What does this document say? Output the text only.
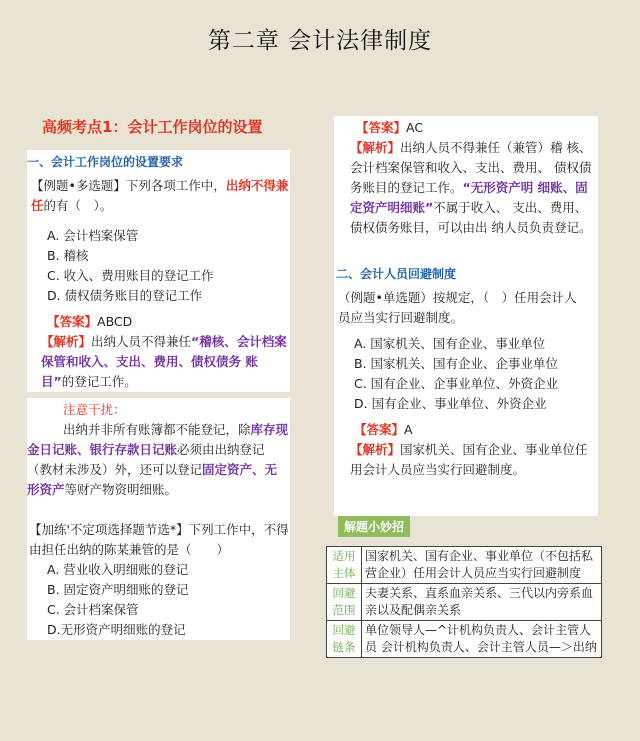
第二章 会计法律制度
高频考点1：会计工作岗位的设置
一、会计工作岗位的设置要求
【例题•多选题】下列各项工作中，出纳不得兼任的有（　）。
A. 会计档案保管
B. 稽核
C. 收入、费用账目的登记工作
D. 债权债务账目的登记工作
【答案】ABCD
【解析】出纳人员不得兼任“稽核、会计档案保管和收入、支出、费用、债权债务 账目”的登记工作。
注意干扰：
出纳并非所有账簿都不能登记，除库存现金日记账、银行存款日记账必须由出纳登记（教材未涉及）外，还可以登记固定资产、无形资产等财产物资明细账。
【加练'不定项选择题节选*】下列工作中，不得由担任出纳的陈某兼管的是（　　）
A. 营业收入明细账的登记
B. 固定资产明细账的登记
C. 会计档案保管
D.无形资产明细账的登记
【答案】AC
【解析】出纳人员不得兼任（兼管）稽 核、会计档案保管和收入、支出、费用、 债权债务账目的登记工作。“无形资产明 细账、固定资产明细账”不属于收入、 支出、费用、债权债务账目，可以由出 纳人员负责登记。
二、会计人员回避制度
（例题•单选题）按规定，（　）任用会计人员应当实行回避制度。
A. 国家机关、国有企业、事业单位
B. 国家机关、国有企业、企事业单位
C. 国有企业、企事业单位、外资企业
D. 国有企业、事业单位、外资企业
【答案】A
【解析】国家机关、国有企业、事业单位任用会计人员应当实行回避制度。
解题小妙招
适用主体	国家机关、国有企业、事业单位（不包括私 营企业）任用会计人员应当实行回避制度
回避范围	夫妻关系、直系血亲关系、三代以内旁系血 亲以及配偶亲关系
回避链条	单位领导人—^计机构负责人、会计主管人员 会计机构负责人、会计主管人员—＞出纳
